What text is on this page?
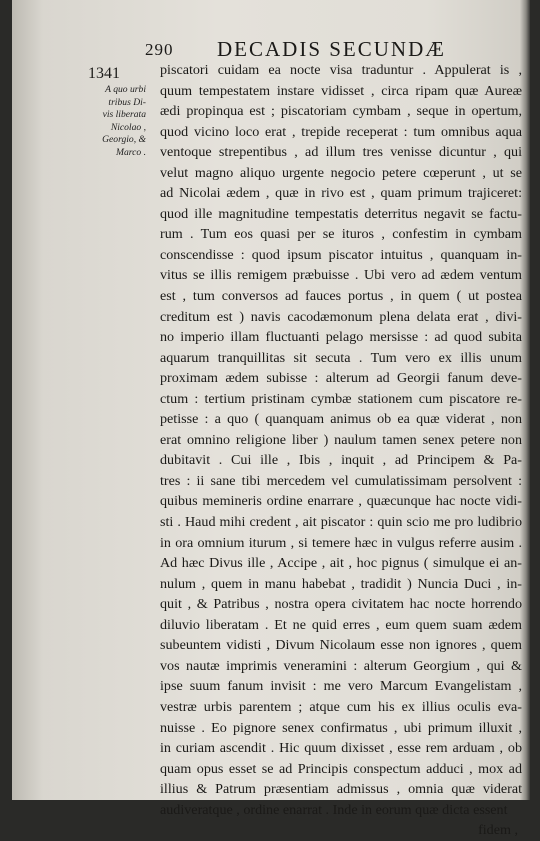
290 DECADIS SECUNDÆ
1341
A quo urbi
tribus Di-
vis liberata
Nicolao ,
Georgio, &
Marco .
piscatori cuidam ea nocte visa traduntur . Appulerat is ,
quum tempestatem instare vidisset , circa ripam quæ Aureæ
ædi propinqua est ; piscatoriam cymbam , seque in opertum,
quod vicino loco erat , trepide receperat : tum omnibus aqua
ventoque strepentibus , ad illum tres venisse dicuntur , qui
velut magno aliquo urgente negocio petere cœperunt , ut se
ad Nicolai ædem , quæ in rivo est , quam primum trajiceret:
quod ille magnitudine tempestatis deterritus negavit se factu-
rum . Tum eos quasi per se ituros , confestim in cymbam
conscendisse : quod ipsum piscator intuitus , quanquam in-
vitus se illis remigem præbuisse . Ubi vero ad ædem ventum
est , tum conversos ad fauces portus , in quem ( ut postea
creditum est ) navis cacodæmonum plena delata erat , divi-
no imperio illam fluctuanti pelago mersisse : ad quod subita
aquarum tranquillitas sit secuta . Tum vero ex illis unum
proximam ædem subisse : alterum ad Georgii fanum deve-
ctum : tertium pristinam cymbæ stationem cum piscatore re-
petisse : a quo ( quanquam animus ob ea quæ viderat , non
erat omnino religione liber ) naulum tamen senex petere non
dubitavit . Cui ille , Ibis , inquit , ad Principem & Pa-
tres : ii sane tibi mercedem vel cumulatissimam persolvent :
quibus memineris ordine enarrare , quæcunque hac nocte vidi-
sti . Haud mihi credent , ait piscator : quin scio me pro ludibrio
in ora omnium iturum , si temere hæc in vulgus referre ausim .
Ad hæc Divus ille , Accipe , ait , hoc pignus ( simulque ei an-
nulum , quem in manu habebat , tradidit ) Nuncia Duci , in-
quit , & Patribus , nostra opera civitatem hac nocte horrendo
diluvio liberatam . Et ne quid erres , eum quem suam ædem
subeuntem vidisti , Divum Nicolaum esse non ignores , quem
vos nautæ imprimis veneramini : alterum Georgium , qui &
ipse suum fanum invisit : me vero Marcum Evangelistam ,
vestræ urbis parentem ; atque cum his ex illius oculis eva-
nuisse . Eo pignore senex confirmatus , ubi primum illuxit ,
in curiam ascendit . Hic quum dixisset , esse rem arduam , ob
quam opus esset se ad Principis conspectum adduci , mox ad
illius & Patrum præsentiam admissus , omnia quæ viderat
audiveratque , ordine enarrat . Inde in eorum quæ dicta essent
fidem ,
